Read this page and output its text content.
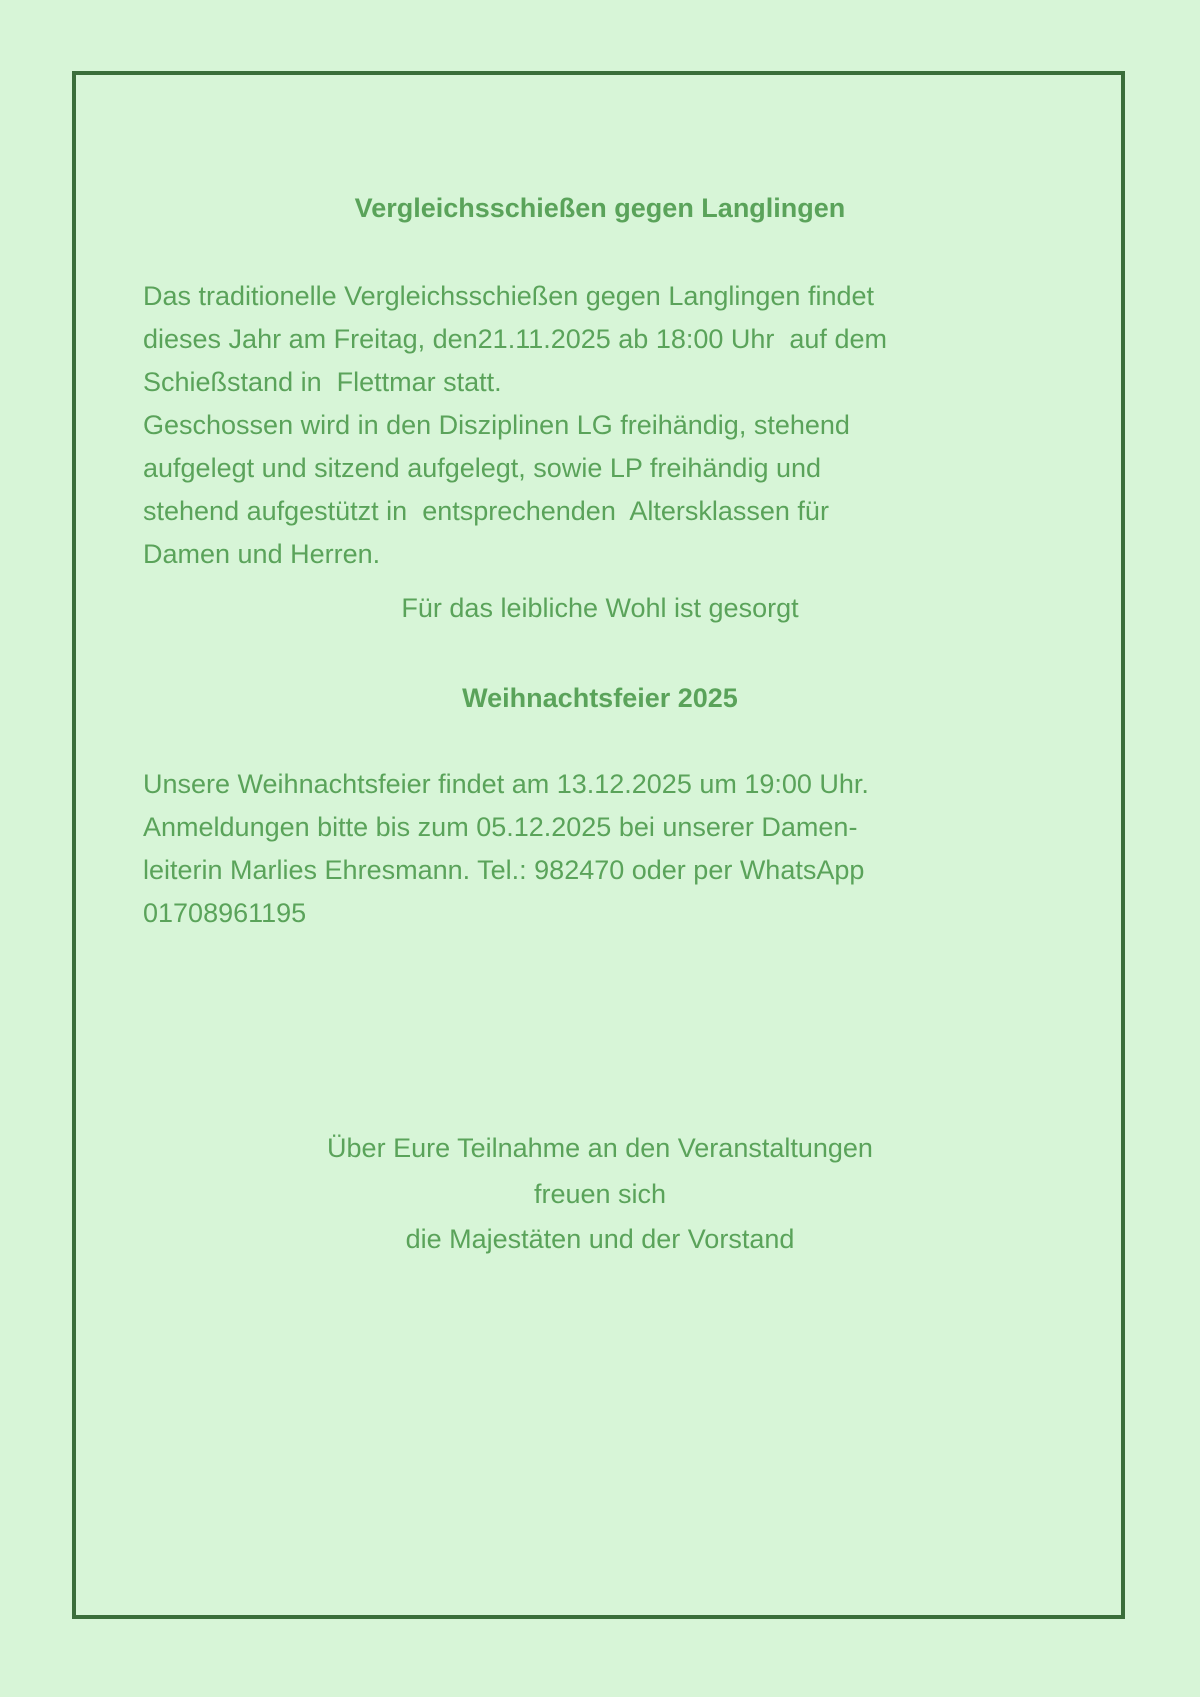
Vergleichsschießen gegen Langlingen
Das traditionelle Vergleichsschießen gegen Langlingen findet
dieses Jahr am Freitag, den21.11.2025 ab 18:00 Uhr  auf dem
Schießstand in  Flettmar statt.
Geschossen wird in den Disziplinen LG freihändig, stehend
aufgelegt und sitzend aufgelegt, sowie LP freihändig und
stehend aufgestützt in  entsprechenden  Altersklassen für
Damen und Herren.

Für das leibliche Wohl ist gesorgt

Weihnachtsfeier 2025
Unsere Weihnachtsfeier findet am 13.12.2025 um 19:00 Uhr.
Anmeldungen bitte bis zum 05.12.2025 bei unserer Damen-
leiterin Marlies Ehresmann. Tel.: 982470 oder per WhatsApp
01708961195

Über Eure Teilnahme an den Veranstaltungen

freuen sich

die Majestäten und der Vorstand
